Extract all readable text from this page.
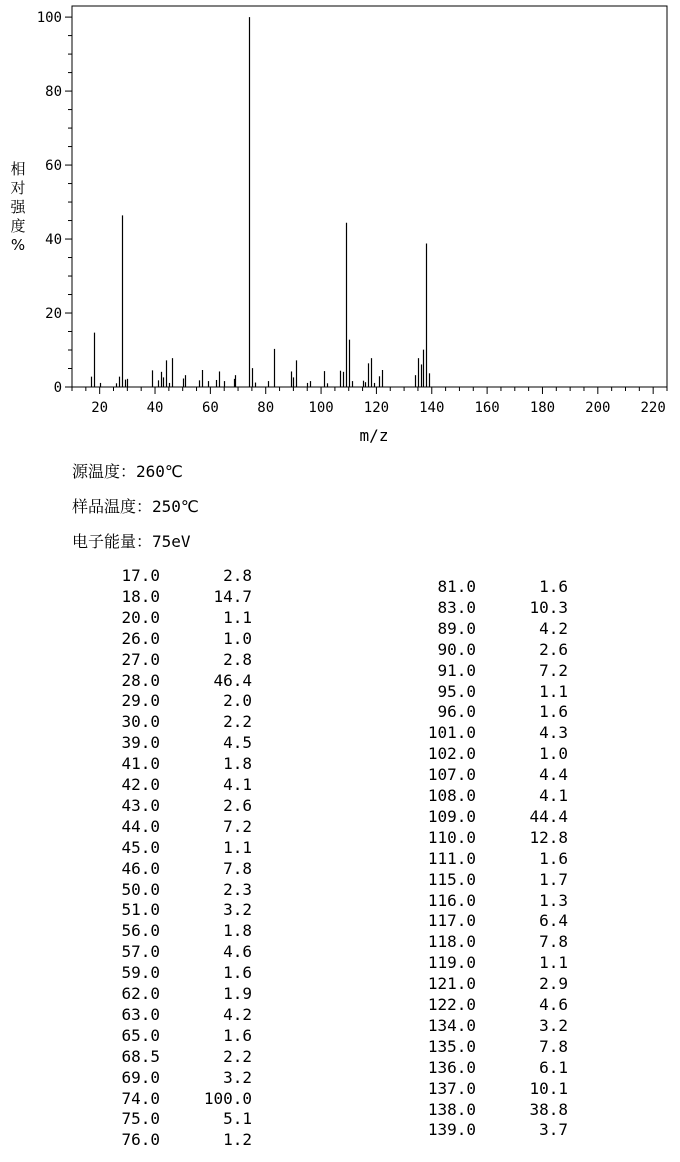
0
20
40
60
80
100
20	40	60	80 100 120 140 160 180 200 220
m/z
相
对
强
度
%
源温度：260℃
样品温度：250℃
电子能量：75eV
17.0	2.8
18.0	14.7
20.0	1.1
26.0	1.0
27.0	2.8
28.0	46.4
29.0	2.0
30.0	2.2
39.0	4.5
41.0	1.8
42.0	4.1
43.0	2.6
44.0	7.2
45.0	1.1
46.0	7.8
50.0	2.3
51.0	3.2
56.0	1.8
57.0	4.6
59.0	1.6
62.0	1.9
63.0	4.2
65.0	1.6
68.5	2.2
69.0	3.2
74.0	100.0
75.0	5.1
76.0	1.2
81.0	1.6
83.0	10.3
89.0	4.2
90.0	2.6
91.0	7.2
95.0	1.1
96.0	1.6
101.0	4.3
102.0	1.0
107.0	4.4
108.0	4.1
109.0	44.4
110.0	12.8
111.0	1.6
115.0	1.7
116.0	1.3
117.0	6.4
118.0	7.8
119.0	1.1
121.0	2.9
122.0	4.6
134.0	3.2
135.0	7.8
136.0	6.1
137.0	10.1
138.0	38.8
139.0	3.7
